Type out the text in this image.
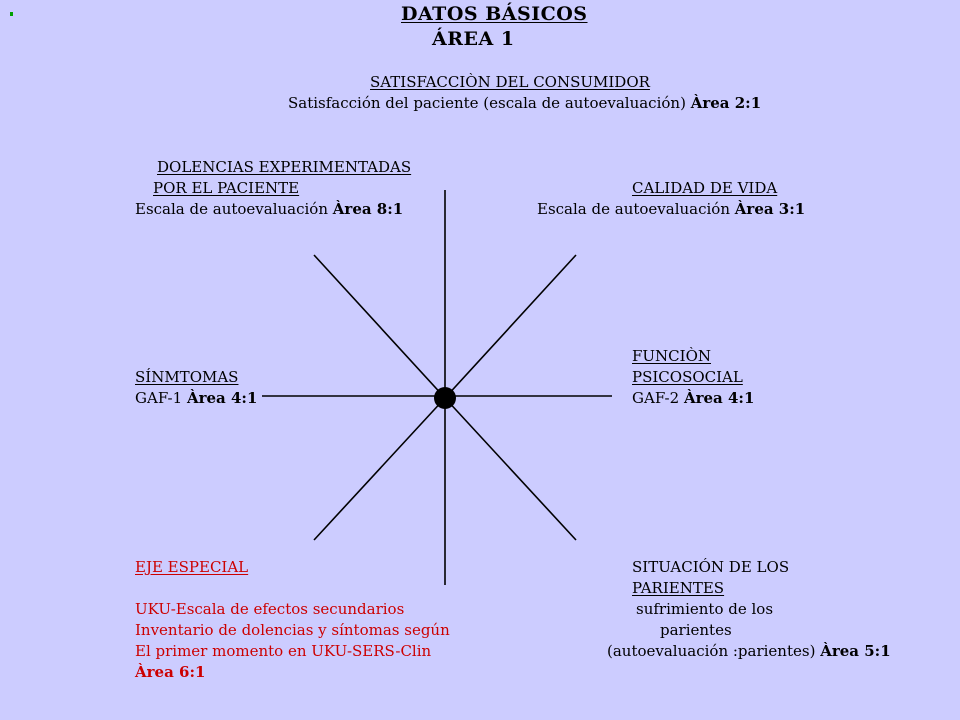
DATOS BÁSICOS
ÁREA 1
SATISFACCIÒN DEL CONSUMIDOR
Satisfacción del paciente (escala de autoevaluación) Àrea 2:1
DOLENCIAS EXPERIMENTADAS
POR EL PACIENTE
Escala de autoevaluación Àrea 8:1
CALIDAD DE VIDA
Escala de autoevaluación Àrea 3:1
SÍNMTOMAS
GAF-1 Àrea 4:1
FUNCIÒN
PSICOSOCIAL
GAF-2 Àrea 4:1
EJE ESPECIAL
UKU-Escala de efectos secundarios
Inventario de dolencias y síntomas según
El primer momento en UKU-SERS-Clin
Àrea 6:1
SITUACIÓN DE LOS
PARIENTES
sufrimiento de los
parientes
(autoevaluación :parientes) Àrea 5:1
